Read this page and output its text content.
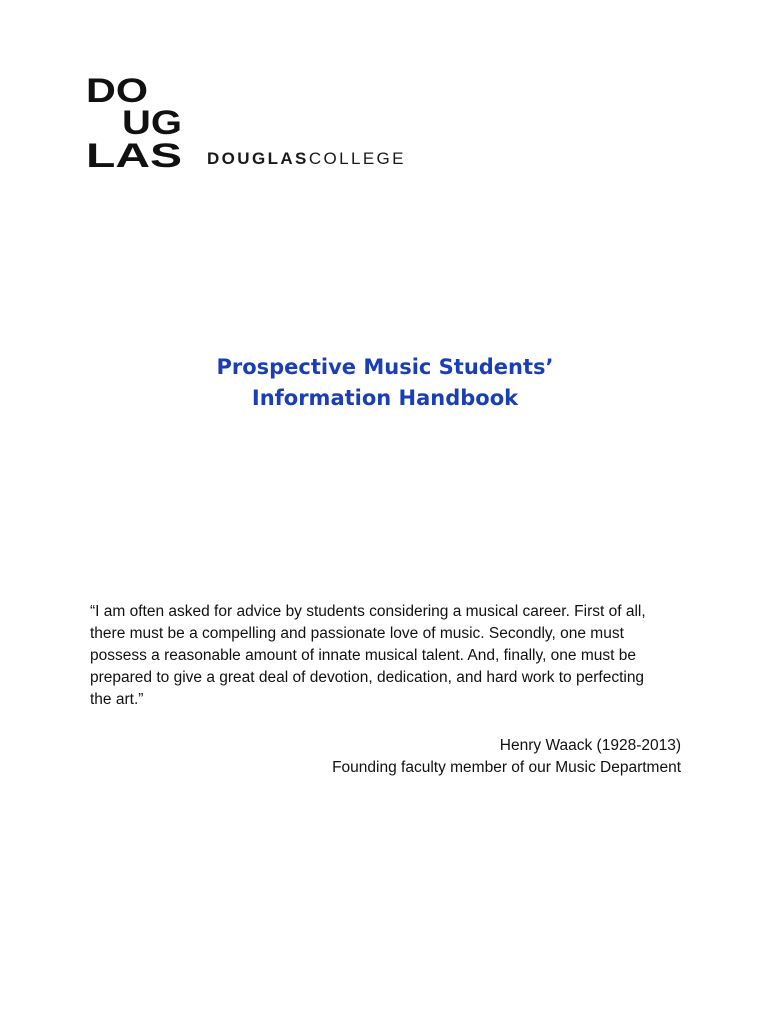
DO
UG
LAS DOUGLASCOLLEGE
Prospective Music Students’
Information Handbook
“I am often asked for advice by students considering a musical career. First of all,
there must be a compelling and passionate love of music. Secondly, one must
possess a reasonable amount of innate musical talent. And, finally, one must be
prepared to give a great deal of devotion, dedication, and hard work to perfecting
the art.”
Henry Waack (1928-2013)
Founding faculty member of our Music Department
